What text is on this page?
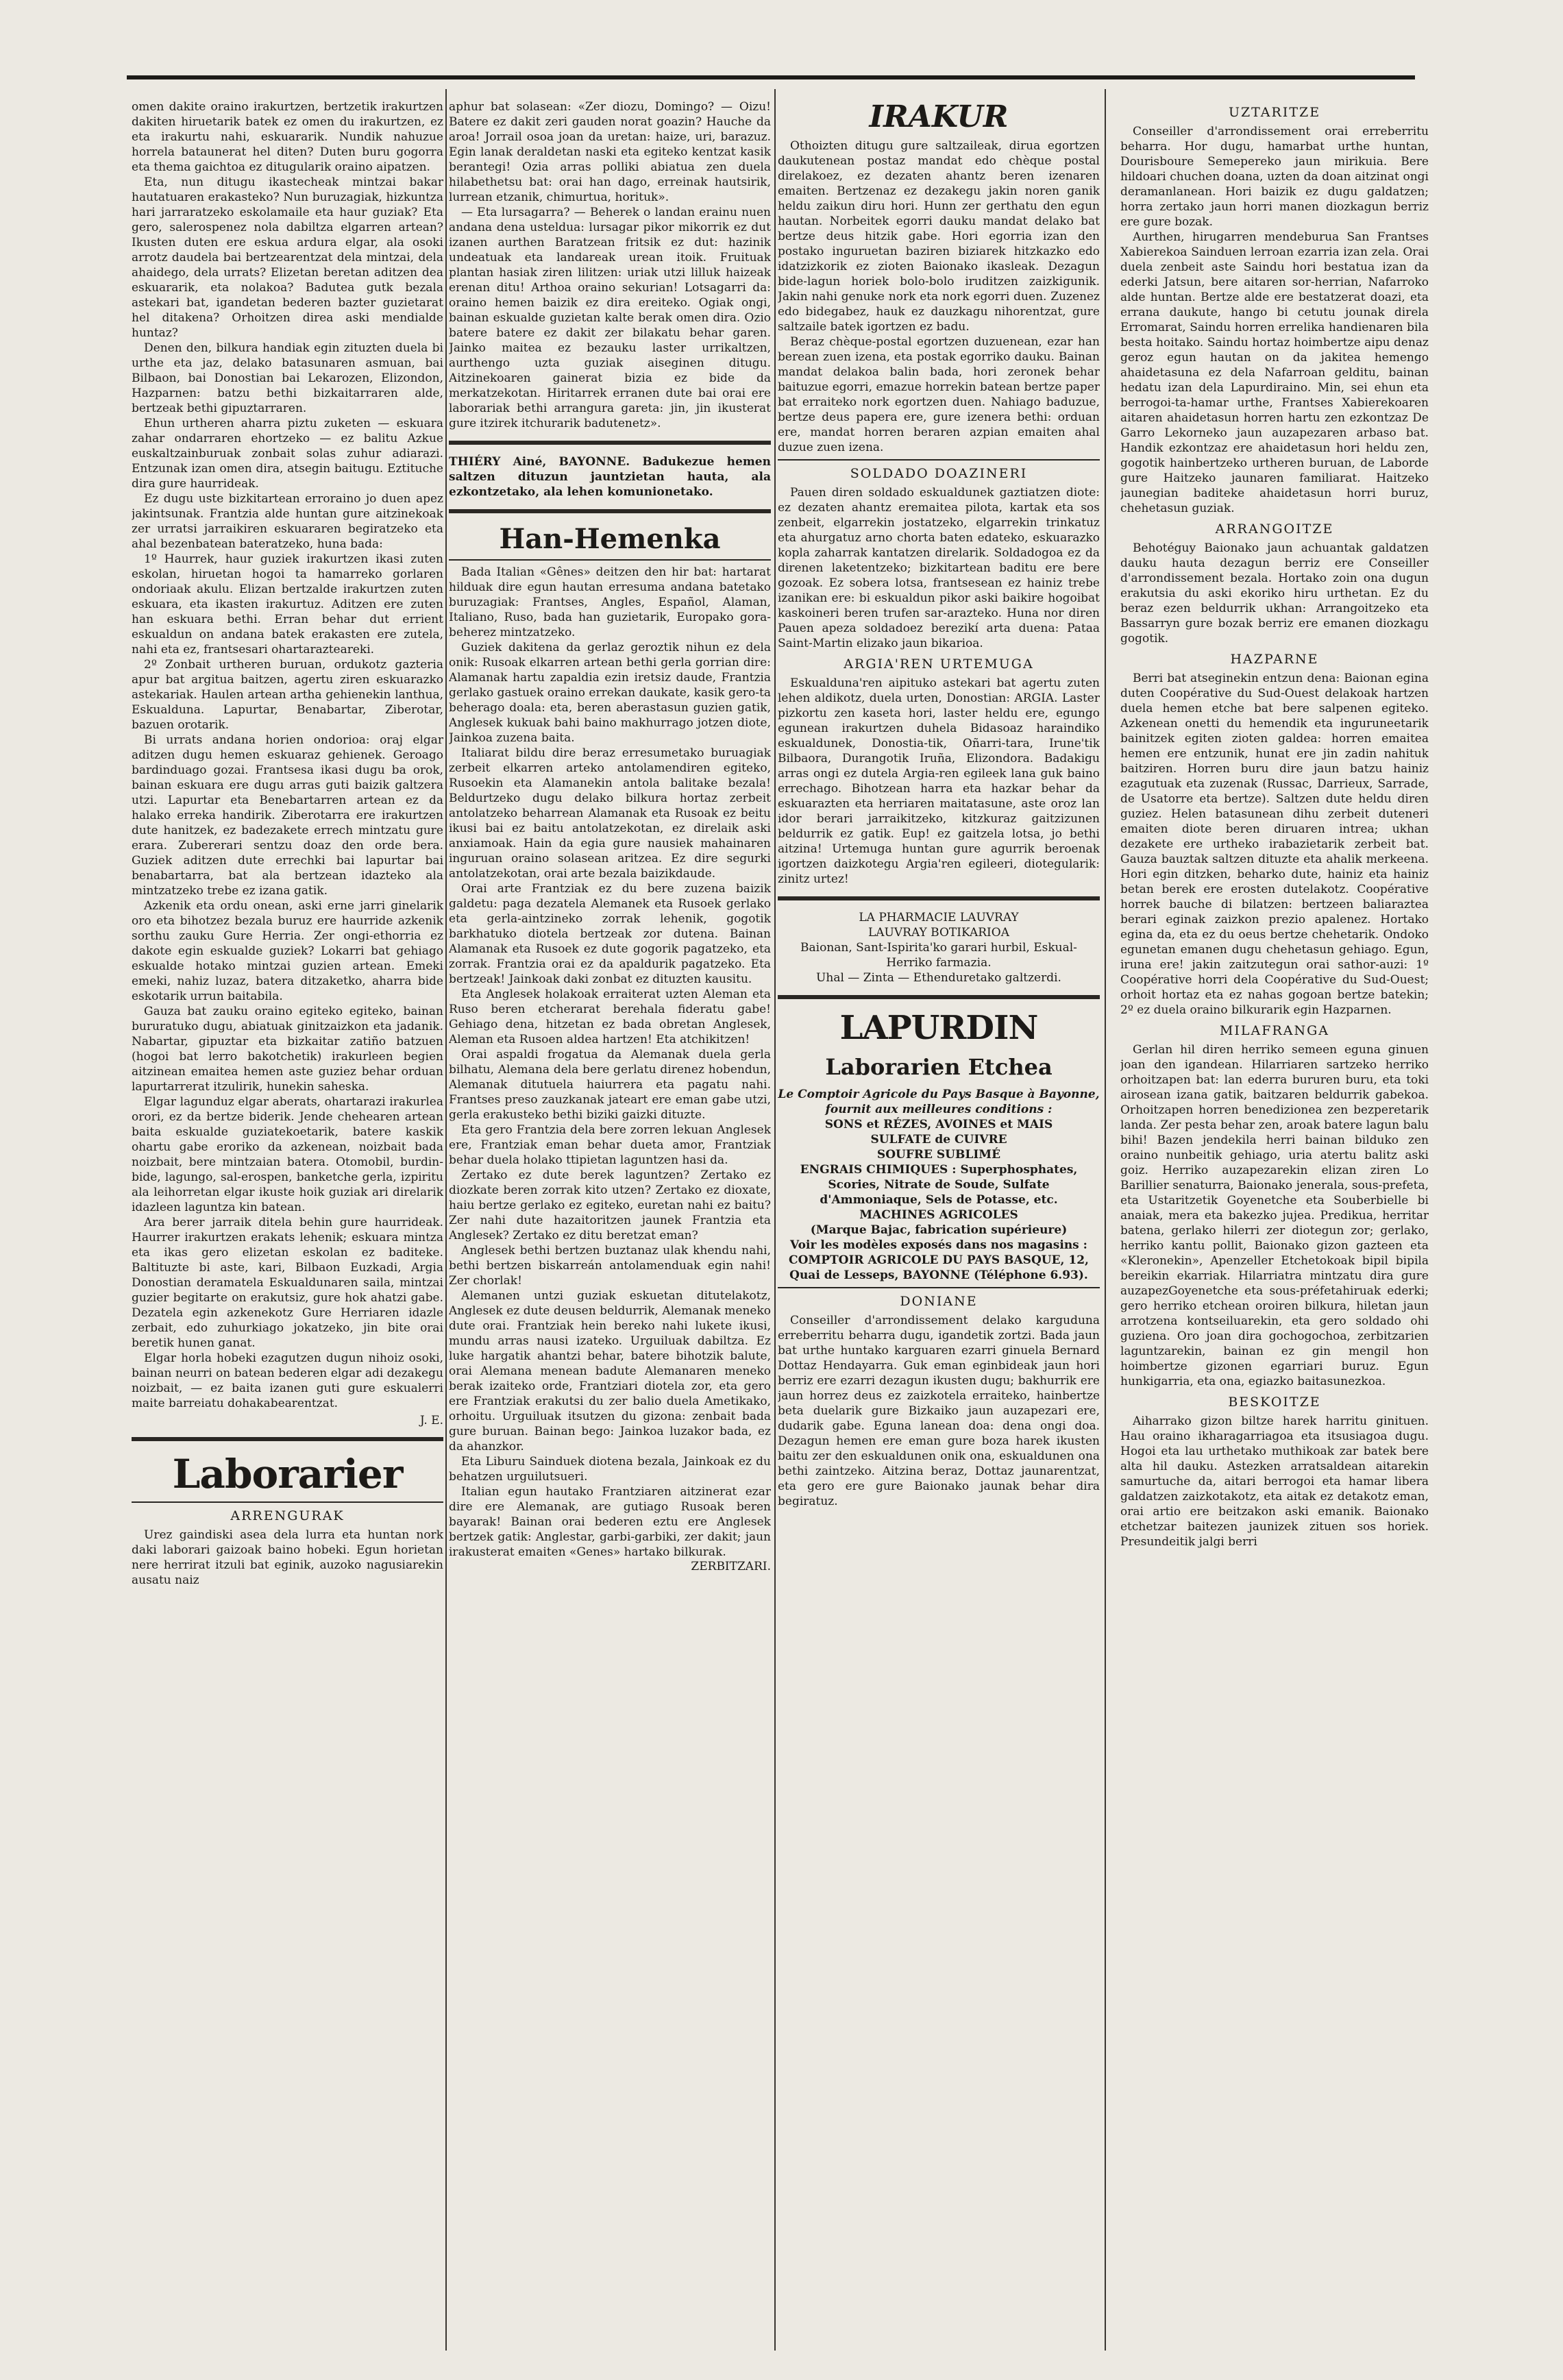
omen dakite oraino irakurtzen, bertzetik irakurtzen dakiten hiruetarik batek ez omen du irakurtzen, ez eta irakurtu nahi, eskuararik. Nundik nahuzue horrela bataunerat hel diten? Duten buru gogorra eta thema gaichtoa ez ditugularik oraino aipatzen.

Eta, nun ditugu ikastecheak mintzai bakar hautatuaren erakasteko? Nun buruzagiak, hizkuntza hari jarraratzeko eskolamaile eta haur guziak? Eta gero, salerospenez nola dabiltza elgarren artean? Ikusten duten ere eskua ardura elgar, ala osoki arrotz daudela bai bertzearentzat dela mintzai, dela ahaidego, dela urrats? Elizetan beretan aditzen dea eskuararik, eta nolakoa? Badutea gutk bezala astekari bat, igandetan bederen bazter guzietarat hel ditakena? Orhoitzen direa aski mendialde huntaz?

Denen den, bilkura handiak egin zituzten duela bi urthe eta jaz, delako batasunaren asmuan, bai Bilbaon, bai Donostian bai Lekarozen, Elizondon, Hazparnen: batzu bethi bizkaitarraren alde, bertzeak bethi gipuztarraren.

Ehun urtheren aharra piztu zuketen — eskuara zahar ondarraren ehortzeko — ez balitu Azkue euskaltzainburuak zonbait solas zuhur adiarazi. Entzunak izan omen dira, atsegin baitugu. Eztituche dira gure haurrideak.

Ez dugu uste bizkitartean erroraino jo duen apez jakintsunak. Frantzia alde huntan gure aitzinekoak zer urratsi jarraikiren eskuararen begiratzeko eta ahal bezenbatean bateratzeko, huna bada:

1º Haurrek, haur guziek irakurtzen ikasi zuten eskolan, hiruetan hogoi ta hamarreko gorlaren ondoriaak akulu. Elizan bertzalde irakurtzen zuten eskuara, eta ikasten irakurtuz. Aditzen ere zuten han eskuara bethi. Erran behar dut errient eskualdun on andana batek erakasten ere zutela, nahi eta ez, frantsesari ohartarazteareki.

2º Zonbait urtheren buruan, ordukotz gazteria apur bat argitua baitzen, agertu ziren eskuarazko astekariak. Haulen artean artha gehienekin lanthua, Eskualduna. Lapurtar, Benabartar, Ziberotar, bazuen orotarik.

Bi urrats andana horien ondorioa: oraj elgar aditzen dugu hemen eskuaraz gehienek. Geroago bardinduago gozai. Frantsesa ikasi dugu ba orok, bainan eskuara ere dugu arras guti baizik galtzera utzi. Lapurtar eta Benebartarren artean ez da halako erreka handirik. Ziberotarra ere irakurtzen dute hanitzek, ez badezakete errech mintzatu gure erara. Zubererari sentzu doaz den orde bera. Guziek aditzen dute errechki bai lapurtar bai benabartarra, bat ala bertzean idazteko ala mintzatzeko trebe ez izana gatik.

Azkenik eta ordu onean, aski erne jarri ginelarik oro eta bihotzez bezala buruz ere haurride azkenik sorthu zauku Gure Herria. Zer ongi-ethorria ez dakote egin eskualde guziek? Lokarri bat gehiago eskualde hotako mintzai guzien artean. Emeki emeki, nahiz luzaz, batera ditzaketko, aharra bide eskotarik urrun baitabila.

Gauza bat zauku oraino egiteko egiteko, bainan bururatuko dugu, abiatuak ginitzaizkon eta jadanik. Nabartar, gipuztar eta bizkaitar zatiño batzuen (hogoi bat lerro bakotchetik) irakurleen begien aitzinean emaitea hemen aste guziez behar orduan lapurtarrerat itzulirik, hunekin saheska.

Elgar lagunduz elgar aberats, ohartarazi irakurlea orori, ez da bertze biderik. Jende chehearen artean baita eskualde guziatekoetarik, batere kaskik ohartu gabe eroriko da azkenean, noizbait bada noizbait, bere mintzaian batera. Otomobil, burdin-bide, lagungo, sal-erospen, banketche gerla, izpiritu ala leihorretan elgar ikuste hoik guziak ari direlarik idazleen laguntza kin batean.

Ara berer jarraik ditela behin gure haurrideak. Haurrer irakurtzen erakats lehenik; eskuara mintza eta ikas gero elizetan eskolan ez baditeke. Baltituzte bi aste, kari, Bilbaon Euzkadi, Argia Donostian deramatela Eskualdunaren saila, mintzai guzier begitarte on erakutsiz, gure hok ahatzi gabe. Dezatela egin azkenekotz Gure Herriaren idazle zerbait, edo zuhurkiago jokatzeko, jin bite orai beretik hunen ganat.

Elgar horla hobeki ezagutzen dugun nihoiz osoki, bainan neurri on batean bederen elgar adi dezakegu noizbait, — ez baita izanen guti gure eskualerri maite barreiatu dohakabearentzat.

J. E.
Laborarier
ARRENGURAK

Urez gaindiski asea dela lurra eta huntan nork daki laborari gaizoak baino hobeki. Egun horietan nere herrirat itzuli bat eginik, auzoko nagusiarekin ausatu naiz

aphur bat solasean: «Zer diozu, Domingo? — Oizu! Batere ez dakit zeri gauden norat goazin? Hauche da aroa! Jorrail osoa joan da uretan: haize, uri, barazuz. Egin lanak deraldetan naski eta egiteko kentzat kasik berantegi! Ozia arras polliki abiatua zen duela hilabethetsu bat: orai han dago, erreinak hautsirik, lurrean etzanik, chimurtua, horituk».

— Eta lursagarra? — Beherek o landan erainu nuen andana dena usteldua: lursagar pikor mikorrik ez dut izanen aurthen Baratzean fritsik ez dut: hazinik undeatuak eta landareak urean itoik. Fruituak plantan hasiak ziren lilitzen: uriak utzi lilluk haizeak erenan ditu! Arthoa oraino sekurian! Lotsagarri da: oraino hemen baizik ez dira ereiteko. Ogiak ongi, bainan eskualde guzietan kalte berak omen dira. Ozio batere batere ez dakit zer bilakatu behar garen. Jainko maitea ez bezauku laster urrikaltzen, aurthengo uzta guziak aiseginen ditugu. Aitzinekoaren gainerat bizia ez bide da merkatzekotan. Hiritarrek erranen dute bai orai ere laborariak bethi arrangura gareta: jin, jin ikusterat gure itzirek itchurarik badutenetz».

THIÉRY Ainé, BAYONNE. Badukezue hemen saltzen dituzun jauntzietan hauta, ala ezkontzetako, ala lehen komunionetako.

Han-Hemenka

Bada Italian «Gênes» deitzen den hir bat: hartarat hilduak dire egun hautan erresuma andana batetako buruzagiak: Frantses, Angles, Español, Alaman, Italiano, Ruso, bada han guzietarik, Europako gora-beherez mintzatzeko.

Guziek dakitena da gerlaz geroztik nihun ez dela onik: Rusoak elkarren artean bethi gerla gorrian dire: Alamanak hartu zapaldia ezin iretsiz daude, Frantzia gerlako gastuek oraino errekan daukate, kasik gero-ta beherago doala: eta, beren aberastasun guzien gatik, Anglesek kukuak bahi baino makhurrago jotzen diote, Jainkoa zuzena baita.

Italiarat bildu dire beraz erresumetako buruagiak zerbeit elkarren arteko antolamendiren egiteko, Rusoekin eta Alamanekin antola balitake bezala! Beldurtzeko dugu delako bilkura hortaz zerbeit antolatzeko beharrean Alamanak eta Rusoak ez beitu ikusi bai ez baitu antolatzekotan, ez direlaik aski anxiamoak. Hain da egia gure nausiek mahainaren inguruan oraino solasean aritzea. Ez dire segurki antolatzekotan, orai arte bezala baizikdaude.

Orai arte Frantziak ez du bere zuzena baizik galdetu: paga dezatela Alemanek eta Rusoek gerlako eta gerla-aintzineko zorrak lehenik, gogotik barkhatuko diotela bertzeak zor dutena. Bainan Alamanak eta Rusoek ez dute gogorik pagatzeko, eta zorrak. Frantzia orai ez da apaldurik pagatzeko. Eta bertzeak! Jainkoak daki zonbat ez dituzten kausitu.

Eta Anglesek holakoak erraiterat uzten Aleman eta Ruso beren etcherarat berehala fideratu gabe! Gehiago dena, hitzetan ez bada obretan Anglesek, Aleman eta Rusoen aldea hartzen! Eta atchikitzen!

Orai aspaldi frogatua da Alemanak duela gerla bilhatu, Alemana dela bere gerlatu direnez hobendun, Alemanak ditutuela haiurrera eta pagatu nahi. Frantses preso zauzkanak jateart ere eman gabe utzi, gerla erakusteko bethi biziki gaizki dituzte.

Eta gero Frantzia dela bere zorren lekuan Anglesek ere, Frantziak eman behar dueta amor, Frantziak behar duela holako ttipietan laguntzen hasi da.

Zertako ez dute berek laguntzen? Zertako ez diozkate beren zorrak kito utzen? Zertako ez dioxate, haiu bertze gerlako ez egiteko, euretan nahi ez baitu? Zer nahi dute hazaitoritzen jaunek Frantzia eta Anglesek? Zertako ez ditu beretzat eman?

Anglesek bethi bertzen buztanaz ulak khendu nahi, bethi bertzen biskarreán antolamenduak egin nahi! Zer chorlak!

Alemanen untzi guziak eskuetan ditutelakotz, Anglesek ez dute deusen beldurrik, Alemanak meneko dute orai. Frantziak hein bereko nahi lukete ikusi, mundu arras nausi izateko. Urguiluak dabiltza. Ez luke hargatik ahantzi behar, batere bihotzik balute, orai Alemana menean badute Alemanaren meneko berak izaiteko orde, Frantziari diotela zor, eta gero ere Frantziak erakutsi du zer balio duela Ametikako, orhoitu. Urguiluak itsutzen du gizona: zenbait bada gure buruan. Bainan bego: Jainkoa luzakor bada, ez da ahanzkor.

Eta Liburu Sainduek diotena bezala, Jainkoak ez du behatzen urguilutsueri.

Italian egun hautako Frantziaren aitzinerat ezar dire ere Alemanak, are gutiago Rusoak beren bayarak! Bainan orai bederen eztu ere Anglesek bertzek gatik: Anglestar, garbi-garbiki, zer dakit; jaun irakusterat emaiten «Genes» hartako bilkurak.

ZERBITZARI.
IRAKUR

Othoizten ditugu gure saltzaileak, dirua egortzen daukutenean postaz mandat edo chèque postal direlakoez, ez dezaten ahantz beren izenaren emaiten. Bertzenaz ez dezakegu jakin noren ganik heldu zaikun diru hori. Hunn zer gerthatu den egun hautan. Norbeitek egorri dauku mandat delako bat bertze deus hitzik gabe. Hori egorria izan den postako inguruetan baziren biziarek hitzkazko edo idatzizkorik ez zioten Baionako ikasleak. Dezagun bide-lagun horiek bolo-bolo iruditzen zaizkigunik. Jakin nahi genuke nork eta nork egorri duen. Zuzenez edo bidegabez, hauk ez dauzkagu nihorentzat, gure saltzaile batek igortzen ez badu.

Beraz chèque-postal egortzen duzuenean, ezar han berean zuen izena, eta postak egorriko dauku. Bainan mandat delakoa balin bada, hori zeronek behar baituzue egorri, emazue horrekin batean bertze paper bat erraiteko nork egortzen duen. Nahiago baduzue, bertze deus papera ere, gure izenera bethi: orduan ere, mandat horren beraren azpian emaiten ahal duzue zuen izena.

SOLDADO DOAZINERI

Pauen diren soldado eskualdunek gaztiatzen diote: ez dezaten ahantz eremaitea pilota, kartak eta sos zenbeit, elgarrekin jostatzeko, elgarrekin trinkatuz eta ahurgatuz arno chorta baten edateko, eskuarazko kopla zaharrak kantatzen direlarik. Soldadogoa ez da direnen laketentzeko; bizkitartean baditu ere bere gozoak. Ez sobera lotsa, frantsesean ez hainiz trebe izanikan ere: bi eskualdun pikor aski baikire hogoibat kaskoineri beren trufen sar-arazteko. Huna nor diren Pauen apeza soldadoez berezikí arta duena: Pataa Saint-Martin elizako jaun bikarioa.

ARGIA'REN URTEMUGA

Eskualduna'ren aipituko astekari bat agertu zuten lehen aldikotz, duela urten, Donostian: ARGIA. Laster pizkortu zen kaseta hori, laster heldu ere, egungo egunean irakurtzen duhela Bidasoaz haraindiko eskualdunek, Donostia-tik, Oñarri-tara, Irune'tik Bilbaora, Durangotik Iruña, Elizondora. Badakigu arras ongi ez dutela Argia-ren egileek lana guk baino errechago. Bihotzean harra eta hazkar behar da eskuarazten eta herriaren maitatasune, aste oroz lan idor berari jarraikitzeko, kitzkuraz gaitzizunen beldurrik ez gatik. Eup! ez gaitzela lotsa, jo bethi aitzina! Urtemuga huntan gure agurrik beroenak igortzen daizkotegu Argia'ren egileeri, diotegularik: zinitz urtez!

LA PHARMACIE LAUVRAY
LAUVRAY BOTIKARIOA
Baionan, Sant-Ispirita'ko garari hurbil, Eskual-Herriko farmazia.
Uhal — Zinta — Ethenduretako galtzerdi.
LAPURDIN
Laborarien Etchea
Le Comptoir Agricole du Pays Basque à Bayonne, fournit aux meilleures conditions :
SONS et RÉZES, AVOINES et MAIS
SULFATE de CUIVRE
SOUFRE SUBLIMÉ
ENGRAIS CHIMIQUES : Superphosphates, Scories, Nitrate de Soude, Sulfate d'Ammoniaque, Sels de Potasse, etc.
MACHINES AGRICOLES
(Marque Bajac, fabrication supérieure)
Voir les modèles exposés dans nos magasins : COMPTOIR AGRICOLE DU PAYS BASQUE, 12, Quai de Lesseps, BAYONNE (Téléphone 6.93).
DONIANE

Conseiller d'arrondissement delako karguduna erreberritu beharra dugu, igandetik zortzi. Bada jaun bat urthe huntako karguaren ezarri ginuela Bernard Dottaz Hendayarra. Guk eman eginbideak jaun hori berriz ere ezarri dezagun ikusten dugu; bakhurrik ere jaun horrez deus ez zaizkotela erraiteko, hainbertze beta duelarik gure Bizkaiko jaun auzapezari ere, dudarik gabe. Eguna lanean doa: dena ongi doa. Dezagun hemen ere eman gure boza harek ikusten baitu zer den eskualdunen onik ona, eskualdunen ona bethi zaintzeko. Aitzina beraz, Dottaz jaunarentzat, eta gero ere gure Baionako jaunak behar dira begiratuz.

UZTARITZE

Conseiller d'arrondissement orai erreberritu beharra. Hor dugu, hamarbat urthe huntan, Dourisboure Semepereko jaun mirikuia. Bere hildoari chuchen doana, uzten da doan aitzinat ongi deramanlanean. Hori baizik ez dugu galdatzen; horra zertako jaun horri manen diozkagun berriz ere gure bozak.

Aurthen, hirugarren mendeburua San Frantses Xabierekoa Sainduen lerroan ezarria izan zela. Orai duela zenbeit aste Saindu hori bestatua izan da ederki Jatsun, bere aitaren sor-herrian, Nafarroko alde huntan. Bertze alde ere bestatzerat doazi, eta errana daukute, hango bi cetutu jounak direla Erromarat, Saindu horren errelika handienaren bila besta hoitako. Saindu hortaz hoimbertze aipu denaz geroz egun hautan on da jakitea hemengo ahaidetasuna ez dela Nafarroan gelditu, bainan hedatu izan dela Lapurdiraino. Min, sei ehun eta berrogoi-ta-hamar urthe, Frantses Xabierekoaren aitaren ahaidetasun horren hartu zen ezkontzaz De Garro Lekorneko jaun auzapezaren arbaso bat. Handik ezkontzaz ere ahaidetasun hori heldu zen, gogotik hainbertzeko urtheren buruan, de Laborde gure Haitzeko jaunaren familiarat. Haitzeko jaunegian baditeke ahaidetasun horri buruz, chehetasun guziak.

ARRANGOITZE

Behotéguy Baionako jaun achuantak galdatzen dauku hauta dezagun berriz ere Conseiller d'arrondissement bezala. Hortako zoin ona dugun erakutsia du aski ekoriko hiru urthetan. Ez du beraz ezen beldurrik ukhan: Arrangoitzeko eta Bassarryn gure bozak berriz ere emanen diozkagu gogotik.

HAZPARNE

Berri bat atseginekin entzun dena: Baionan egina duten Coopérative du Sud-Ouest delakoak hartzen duela hemen etche bat bere salpenen egiteko. Azkenean onetti du hemendik eta inguruneetarik bainitzek egiten zioten galdea: horren emaitea hemen ere entzunik, hunat ere jin zadin nahituk baitziren. Horren buru dire jaun batzu hainiz ezagutuak eta zuzenak (Russac, Darrieux, Sarrade, de Usatorre eta bertze). Saltzen dute heldu diren guziez. Helen batasunean dihu zerbeit duteneri emaiten diote beren diruaren intrea; ukhan dezakete ere urtheko irabazietarik zerbeit bat. Gauza bauztak saltzen dituzte eta ahalik merkeena. Hori egin ditzken, beharko dute, hainiz eta hainiz betan berek ere erosten dutelakotz. Coopérative horrek bauche di bilatzen: bertzeen baliaraztea berari eginak zaizkon prezio apalenez. Hortako egina da, eta ez du oeus bertze chehetarik. Ondoko egunetan emanen dugu chehetasun gehiago. Egun, iruna ere! jakin zaitzutegun orai sathor-auzi: 1º Coopérative horri dela Coopérative du Sud-Ouest; orhoit hortaz eta ez nahas gogoan bertze batekin; 2º ez duela oraino bilkurarik egin Hazparnen.

MILAFRANGA

Gerlan hil diren herriko semeen eguna ginuen joan den igandean. Hilarriaren sartzeko herriko orhoitzapen bat: lan ederra bururen buru, eta toki airosean izana gatik, baitzaren beldurrik gabekoa. Orhoitzapen horren benedizionea zen bezperetarik landa. Zer pesta behar zen, aroak batere lagun balu bihi! Bazen jendekila herri bainan bilduko zen oraino nunbeitik gehiago, uria atertu balitz aski goiz. Herriko auzapezarekin elizan ziren Lo Barillier senaturra, Baionako jenerala, sous-prefeta, eta Ustaritzetik Goyenetche eta Souberbielle bi anaiak, mera eta bakezko jujea. Predikua, herritar batena, gerlako hilerri zer diotegun zor; gerlako, herriko kantu pollit, Baionako gizon gazteen eta «Kleronekin», Apenzeller Etchetokoak bipil bipila bereikin ekarriak. Hilarriatra mintzatu dira gure auzapezGoyenetche eta sous-préfetahiruak ederki; gero herriko etchean oroiren bilkura, hiletan jaun arrotzena kontseiluarekin, eta gero soldado ohi guziena. Oro joan dira gochogochoa, zerbitzarien laguntzarekin, bainan ez gin mengil hon hoimbertze gizonen egarriari buruz. Egun hunkigarria, eta ona, egiazko baitasunezkoa.

BESKOITZE

Aiharrako gizon biltze harek harritu ginituen. Hau oraino ikharagarriagoa eta itsusiagoa dugu. Hogoi eta lau urthetako muthikoak zar batek bere alta hil dauku. Astezken arratsaldean aitarekin samurtuche da, aitari berrogoi eta hamar libera galdatzen zaizkotakotz, eta aitak ez detakotz eman, orai artio ere beitzakon aski emanik. Baionako etchetzar baitezen jaunizek zituen sos horiek. Presundeitik jalgi berri
